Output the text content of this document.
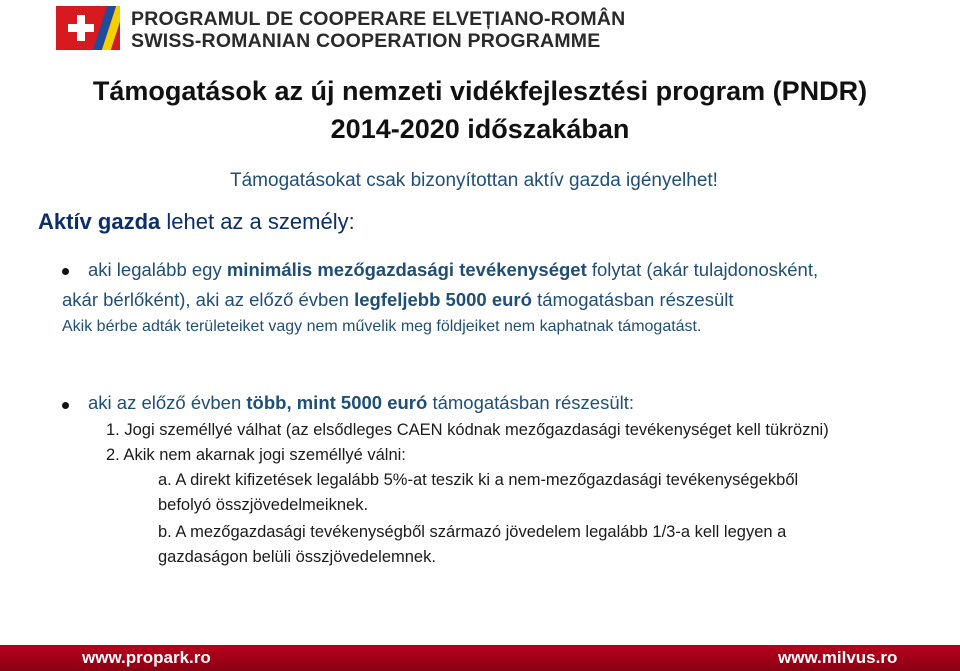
PROGRAMUL DE COOPERARE ELVEȚIANO-ROMÂN
SWISS-ROMANIAN COOPERATION PROGRAMME
Támogatások az új nemzeti vidékfejlesztési program (PNDR)
2014-2020 időszakában
Támogatásokat csak bizonyítottan aktív gazda igényelhet!
Aktív gazda lehet az a személy:
aki legalább egy minimális mezőgazdasági tevékenységet folytat (akár tulajdonosként,
akár bérlőként), aki az előző évben legfeljebb 5000 euró támogatásban részesült
Akik bérbe adták területeiket vagy nem művelik meg földjeiket nem kaphatnak támogatást.
aki az előző évben több, mint 5000 euró támogatásban részesült:
1. Jogi személlyé válhat (az elsődleges CAEN kódnak mezőgazdasági tevékenységet kell tükrözni)
2. Akik nem akarnak jogi személlyé válni:
a. A direkt kifizetések legalább 5%-at teszik ki a nem-mezőgazdasági tevékenységekből
befolyó összjövedelmeiknek.
b. A mezőgazdasági tevékenységből származó jövedelem legalább 1/3-a kell legyen a
gazdaságon belüli összjövedelemnek.
www.propark.ro	www.milvus.ro
